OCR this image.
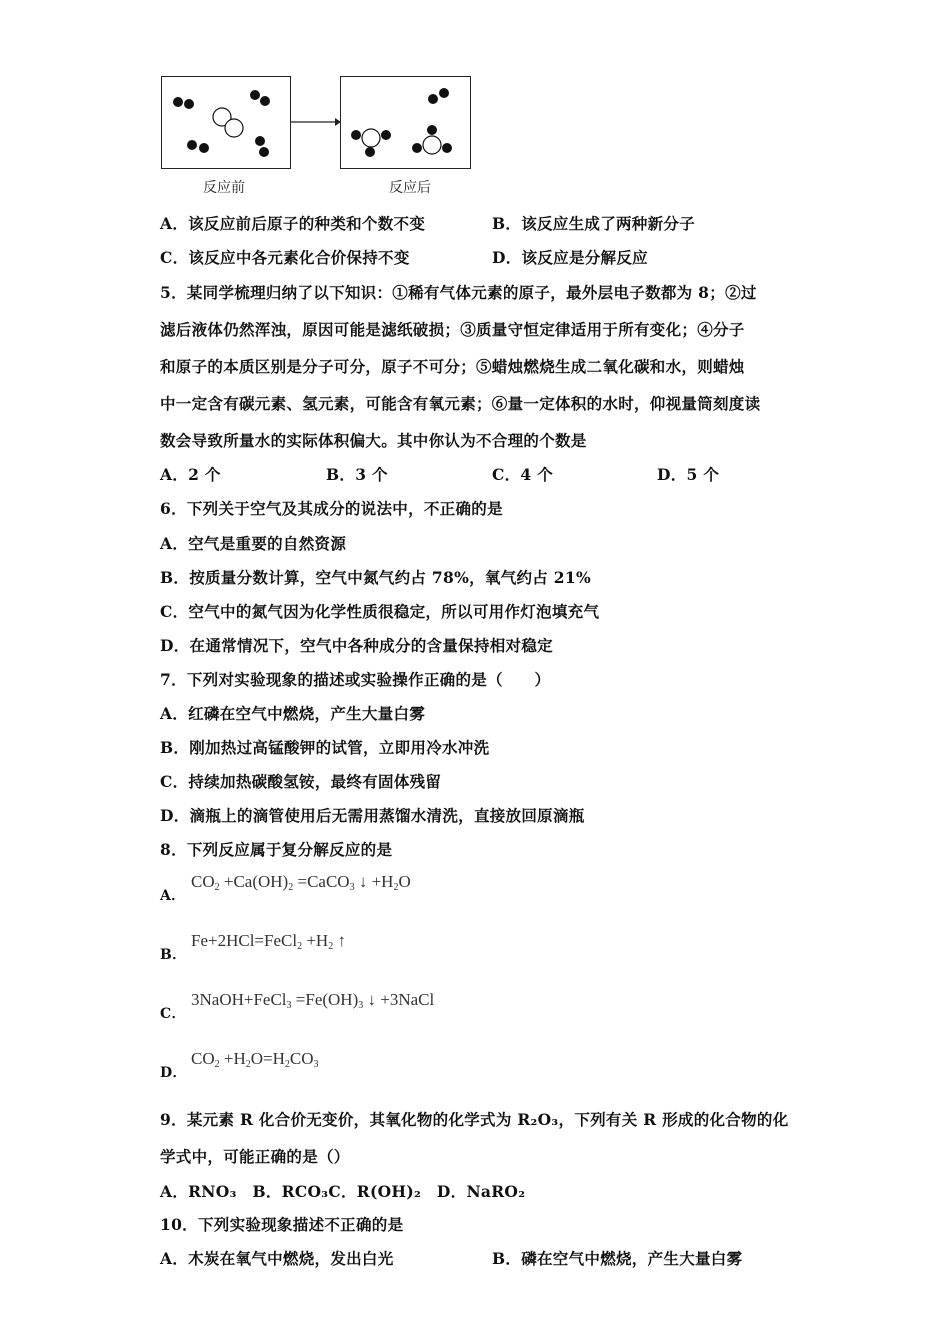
反应前	反应后
A．该反应前后原子的种类和个数不变	B．该反应生成了两种新分子
C．该反应中各元素化合价保持不变	D．该反应是分解反应
5．某同学梳理归纳了以下知识：①稀有气体元素的原子，最外层电子数都为 8；②过
滤后液体仍然浑浊，原因可能是滤纸破损；③质量守恒定律适用于所有变化；④分子
和原子的本质区别是分子可分，原子不可分；⑤蜡烛燃烧生成二氧化碳和水，则蜡烛
中一定含有碳元素、氢元素，可能含有氧元素；⑥量一定体积的水时，仰视量筒刻度读
数会导致所量水的实际体积偏大。其中你认为不合理的个数是
A．2 个	B．3 个	C．4 个	D．5 个
6．下列关于空气及其成分的说法中，不正确的是
A．空气是重要的自然资源
B．按质量分数计算，空气中氮气约占 78%，氧气约占 21%
C．空气中的氮气因为化学性质很稳定，所以可用作灯泡填充气
D．在通常情况下，空气中各种成分的含量保持相对稳定
7．下列对实验现象的描述或实验操作正确的是（　　）
A．红磷在空气中燃烧，产生大量白雾
B．刚加热过高锰酸钾的试管，立即用冷水冲洗
C．持续加热碳酸氢铵，最终有固体残留
D．滴瓶上的滴管使用后无需用蒸馏水清洗，直接放回原滴瓶
8．下列反应属于复分解反应的是
A．
$CO_2 +Ca(OH)_2$ =CaCO$_3$ ↓ $+H_2O$
B．
Fe+2HCl=FeCl$_2$ $+H_2$ ↑
C．
3NaOH+FeCl$_3$ $=Fe(OH)_3$ ↓ +3NaCl
D．
$CO_2 +H_2O=H_2CO_3$
9．某元素 R 化合价无变价，其氧化物的化学式为 R₂O₃，下列有关 R 形成的化合物的化
学式中，可能正确的是（）
A．RNO₃　B．RCO₃C．R(OH)₂　D．NaRO₂
10．下列实验现象描述不正确的是
A．木炭在氧气中燃烧，发出白光	B．磷在空气中燃烧，产生大量白雾
